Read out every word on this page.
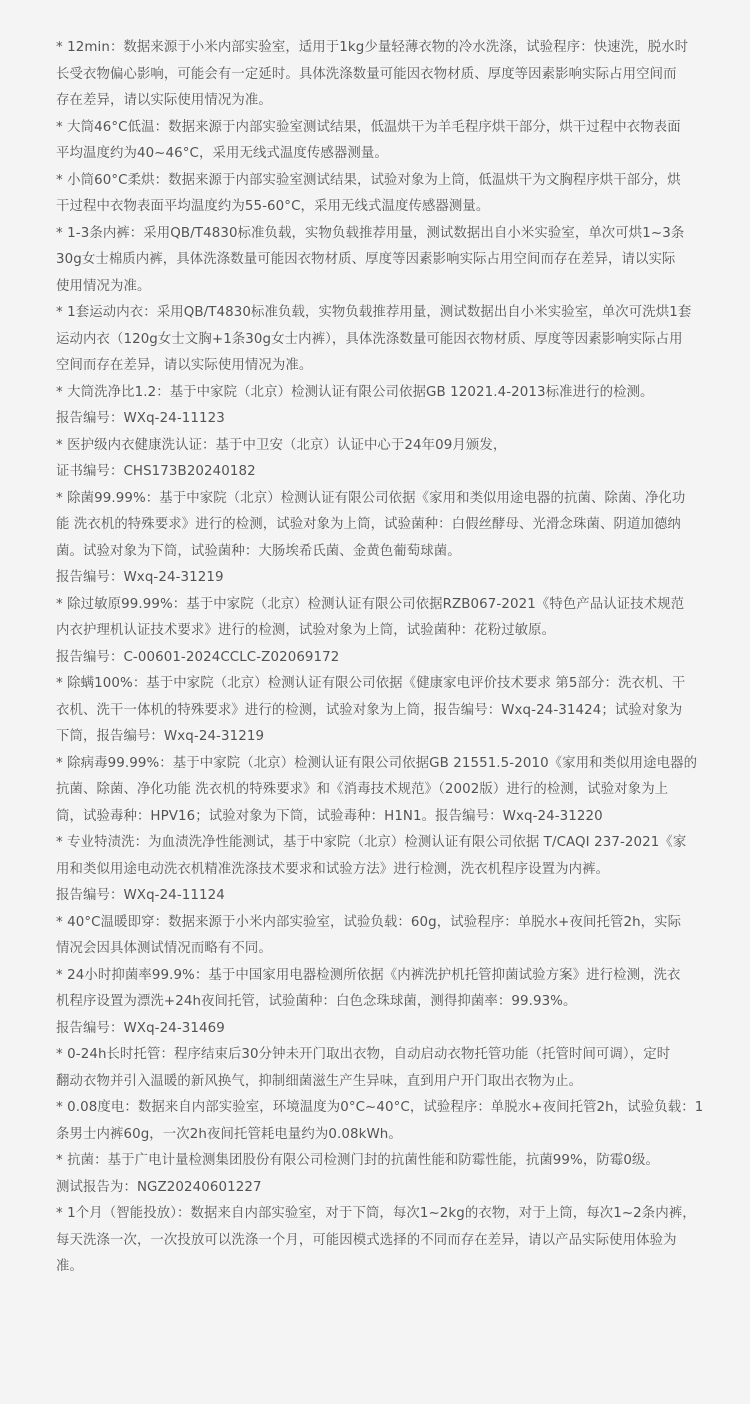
* 12min：数据来源于小米内部实验室，适用于1kg少量轻薄衣物的冷水洗涤，试验程序：快速洗，脱水时
长受衣物偏心影响，可能会有一定延时。具体洗涤数量可能因衣物材质、厚度等因素影响实际占用空间而
存在差异，请以实际使用情况为准。
* 大筒46°C低温：数据来源于内部实验室测试结果，低温烘干为羊毛程序烘干部分，烘干过程中衣物表面
平均温度约为40~46°C，采用无线式温度传感器测量。
* 小筒60°C柔烘：数据来源于内部实验室测试结果，试验对象为上筒，低温烘干为文胸程序烘干部分，烘
干过程中衣物表面平均温度约为55-60°C，采用无线式温度传感器测量。
* 1-3条内裤：采用QB/T4830标准负载，实物负载推荐用量，测试数据出自小米实验室，单次可烘1~3条
30g女士棉质内裤，具体洗涤数量可能因衣物材质、厚度等因素影响实际占用空间而存在差异，请以实际
使用情况为准。
* 1套运动内衣：采用QB/T4830标准负载，实物负载推荐用量，测试数据出自小米实验室，单次可洗烘1套
运动内衣（120g女士文胸+1条30g女士内裤），具体洗涤数量可能因衣物材质、厚度等因素影响实际占用
空间而存在差异，请以实际使用情况为准。
* 大筒洗净比1.2：基于中家院（北京）检测认证有限公司依据GB 12021.4-2013标准进行的检测。
报告编号：WXq-24-11123
* 医护级内衣健康洗认证：基于中卫安（北京）认证中心于24年09月颁发，
证书编号：CHS173B20240182
* 除菌99.99%：基于中家院（北京）检测认证有限公司依据《家用和类似用途电器的抗菌、除菌、净化功
能 洗衣机的特殊要求》进行的检测，试验对象为上筒，试验菌种：白假丝酵母、光滑念珠菌、阴道加德纳
菌。试验对象为下筒，试验菌种：大肠埃希氏菌、金黄色葡萄球菌。
报告编号：Wxq-24-31219
* 除过敏原99.99%：基于中家院（北京）检测认证有限公司依据RZB067-2021《特色产品认证技术规范
内衣护理机认证技术要求》进行的检测，试验对象为上筒，试验菌种：花粉过敏原。
报告编号：C-00601-2024CCLC-Z02069172
* 除螨100%：基于中家院（北京）检测认证有限公司依据《健康家电评价技术要求 第5部分：洗衣机、干
衣机、洗干一体机的特殊要求》进行的检测，试验对象为上筒，报告编号：Wxq-24-31424；试验对象为
下筒，报告编号：Wxq-24-31219
* 除病毒99.99%：基于中家院（北京）检测认证有限公司依据GB 21551.5-2010《家用和类似用途电器的
抗菌、除菌、净化功能 洗衣机的特殊要求》和《消毒技术规范》（2002版）进行的检测，试验对象为上
筒，试验毒种：HPV16；试验对象为下筒，试验毒种：H1N1。报告编号：Wxq-24-31220
* 专业特渍洗：为血渍洗净性能测试，基于中家院（北京）检测认证有限公司依据 T/CAQI 237-2021《家
用和类似用途电动洗衣机精准洗涤技术要求和试验方法》进行检测，洗衣机程序设置为内裤。
报告编号：WXq-24-11124
* 40°C温暖即穿：数据来源于小米内部实验室，试验负载：60g，试验程序：单脱水+夜间托管2h，实际
情况会因具体测试情况而略有不同。
* 24小时抑菌率99.9%：基于中国家用电器检测所依据《内裤洗护机托管抑菌试验方案》进行检测，洗衣
机程序设置为漂洗+24h夜间托管，试验菌种：白色念珠球菌，测得抑菌率：99.93%。
报告编号：WXq-24-31469
* 0-24h长时托管：程序结束后30分钟未开门取出衣物，自动启动衣物托管功能（托管时间可调），定时
翻动衣物并引入温暖的新风换气，抑制细菌滋生产生异味，直到用户开门取出衣物为止。
* 0.08度电：数据来自内部实验室，环境温度为0°C~40°C，试验程序：单脱水+夜间托管2h，试验负载：1
条男士内裤60g，一次2h夜间托管耗电量约为0.08kWh。
* 抗菌：基于广电计量检测集团股份有限公司检测门封的抗菌性能和防霉性能，抗菌99%，防霉0级。
测试报告为：NGZ20240601227
* 1个月（智能投放）：数据来自内部实验室，对于下筒，每次1~2kg的衣物，对于上筒，每次1~2条内裤，
每天洗涤一次，一次投放可以洗涤一个月，可能因模式选择的不同而存在差异，请以产品实际使用体验为
准。
